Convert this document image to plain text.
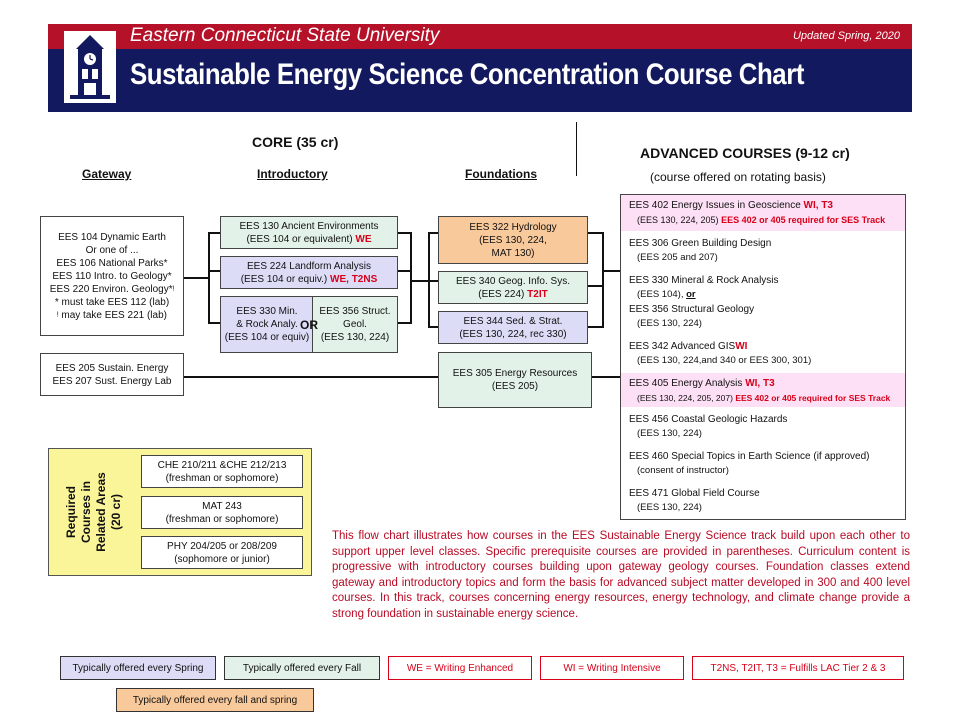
Eastern Connecticut State University	Updated Spring, 2020
Sustainable Energy Science Concentration Course Chart
CORE (35 cr)
Gateway	Introductory	Foundations
ADVANCED COURSES (9-12 cr)
(course offered on rotating basis)
EES 104 Dynamic Earth
Or one of ...
EES 106 National Parks*
EES 110 Intro. to Geology*
EES 220 Environ. Geology*ᵎ
* must take EES 112 (lab)
ᵎ may take EES 221 (lab)
EES 205 Sustain. Energy
EES 207 Sust. Energy Lab
EES 130 Ancient Environments
(EES 104 or equivalent) WE
EES 224 Landform Analysis
(EES 104 or equiv.) WE, T2NS
EES 330 Min.
& Rock Analy.
(EES 104 or equiv)
EES 356 Struct.
Geol.
(EES 130, 224)
OR
EES 322 Hydrology
(EES 130, 224,
MAT 130)
EES 340 Geog. Info. Sys.
(EES 224) T2IT
EES 344 Sed. & Strat.
(EES 130, 224, rec 330)
EES 305 Energy Resources
(EES 205)
EES 402 Energy Issues in Geoscience WI, T3
(EES 130, 224, 205) EES 402 or 405 required for SES Track
EES 306 Green Building Design
(EES 205 and 207)
EES 330 Mineral & Rock Analysis
(EES 104), or
EES 356 Structural Geology
(EES 130, 224)
EES 342 Advanced GISWI
(EES 130, 224,and 340 or EES 300, 301)
EES 405 Energy Analysis WI, T3
(EES 130, 224, 205, 207) EES 402 or 405 required for SES Track
EES 456 Coastal Geologic Hazards
(EES 130, 224)
EES 460 Special Topics in Earth Science (if approved)
(consent of instructor)
EES 471 Global Field Course
(EES 130, 224)
Required Courses in Related Areas (20 cr)
CHE 210/211 &CHE 212/213
(freshman or sophomore)
MAT 243
(freshman or sophomore)
PHY 204/205 or 208/209
(sophomore or junior)
This flow chart illustrates how courses in the EES Sustainable Energy Science track build upon each other to support upper level classes. Specific prerequisite courses are provided in parentheses. Curriculum content is progressive with introductory courses building upon gateway geology courses. Foundation classes extend gateway and introductory topics and form the basis for advanced subject matter developed in 300 and 400 level courses. In this track, courses concerning energy resources, energy technology, and climate change provide a strong foundation in sustainable energy science.
Typically offered every Spring	Typically offered every Fall	WE = Writing Enhanced	WI = Writing Intensive	T2NS, T2IT, T3 = Fulfills LAC Tier 2 & 3
Typically offered every fall and spring
